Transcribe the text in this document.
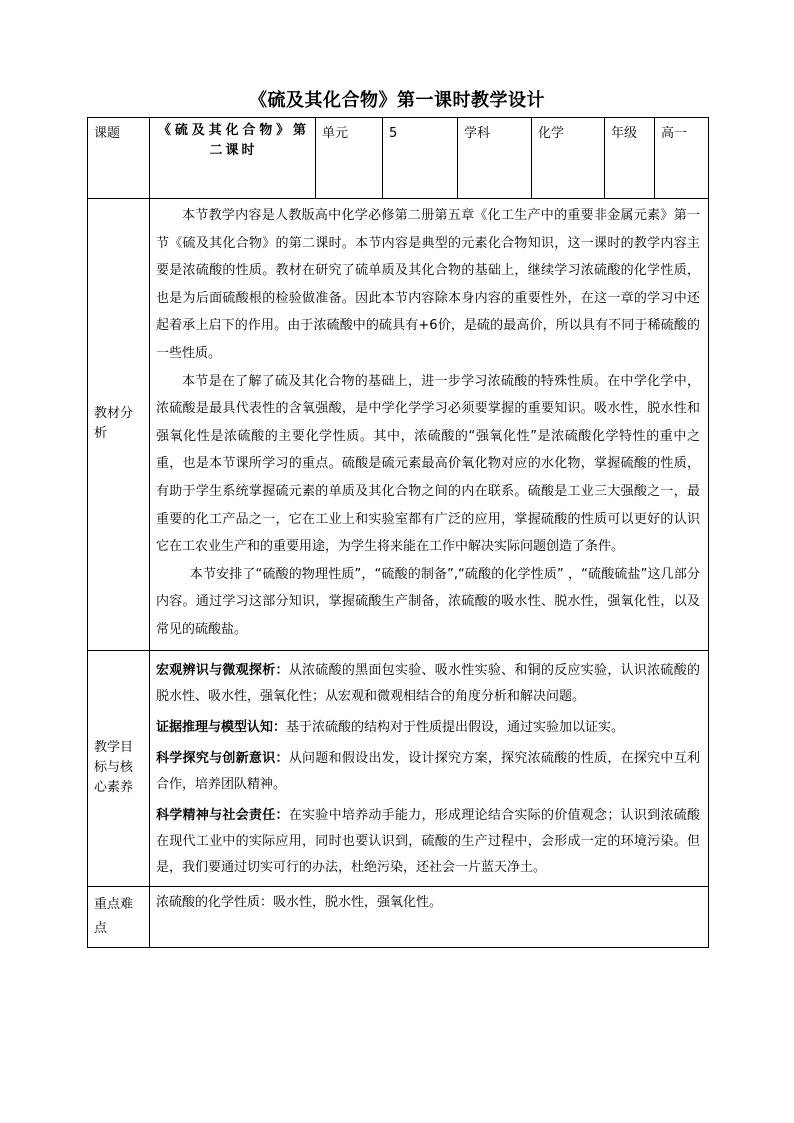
《硫及其化合物》第一课时教学设计
课题	《硫及其化合物》第二课时	单元	5	学科	化学	年级	高一
教材分析	本节教学内容是人教版高中化学必修第二册第五章《化工生产中的重要非金属元素》第一节《硫及其化合物》的第二课时。本节内容是典型的元素化合物知识，这一课时的教学内容主要是浓硫酸的性质。教材在研究了硫单质及其化合物的基础上，继续学习浓硫酸的化学性质，也是为后面硫酸根的检验做准备。因此本节内容除本身内容的重要性外，在这一章的学习中还起着承上启下的作用。由于浓硫酸中的硫具有+6价，是硫的最高价，所以具有不同于稀硫酸的一些性质。

本节是在了解了硫及其化合物的基础上，进一步学习浓硫酸的特殊性质。在中学化学中，浓硫酸是最具代表性的含氧强酸，是中学化学学习必须要掌握的重要知识。吸水性，脱水性和强氧化性是浓硫酸的主要化学性质。其中，浓硫酸的“强氧化性”是浓硫酸化学特性的重中之重，也是本节课所学习的重点。硫酸是硫元素最高价氧化物对应的水化物，掌握硫酸的性质，有助于学生系统掌握硫元素的单质及其化合物之间的内在联系。硫酸是工业三大强酸之一，最重要的化工产品之一，它在工业上和实验室都有广泛的应用，掌握硫酸的性质可以更好的认识它在工农业生产和的重要用途，为学生将来能在工作中解决实际问题创造了条件。

本节安排了“硫酸的物理性质”，“硫酸的制备”,“硫酸的化学性质” ，“硫酸硫盐”这几部分内容。通过学习这部分知识，掌握硫酸生产制备，浓硫酸的吸水性、脱水性，强氧化性，以及常见的硫酸盐。						

教学目标与核心素养	宏观辨识与微观探析：从浓硫酸的黑面包实验、吸水性实验、和铜的反应实验，认识浓硫酸的脱水性、吸水性，强氧化性；从宏观和微观相结合的角度分析和解决问题。

证据推理与模型认知：基于浓硫酸的结构对于性质提出假设，通过实验加以证实。

科学探究与创新意识：从问题和假设出发，设计探究方案，探究浓硫酸的性质，在探究中互利合作，培养团队精神。

科学精神与社会责任：在实验中培养动手能力，形成理论结合实际的价值观念；认识到浓硫酸在现代工业中的实际应用，同时也要认识到，硫酸的生产过程中，会形成一定的环境污染。但是，我们要通过切实可行的办法，杜绝污染，还社会一片蓝天净土。						

重点难点	浓硫酸的化学性质：吸水性，脱水性，强氧化性。						
